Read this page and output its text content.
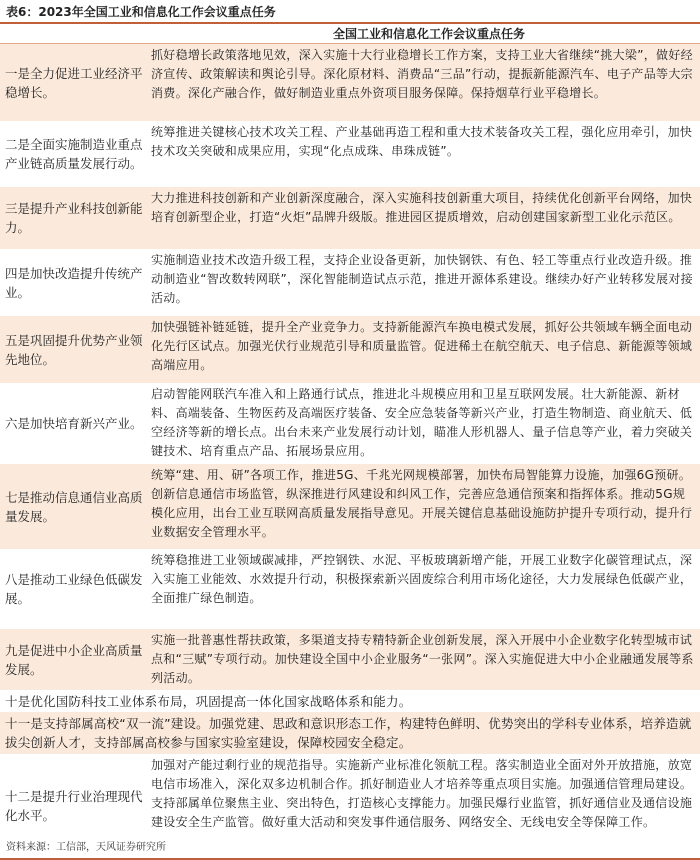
表6：2023年全国工业和信息化工作会议重点任务
全国工业和信息化工作会议重点任务
一是全力促进工业经济平稳增长。
抓好稳增长政策落地见效，深入实施十大行业稳增长工作方案，支持工业大省继续“挑大梁”，做好经济宣传、政策解读和舆论引导。深化原材料、消费品“三品”行动，提振新能源汽车、电子产品等大宗消费。深化产融合作，做好制造业重点外资项目服务保障。保持烟草行业平稳增长。
二是全面实施制造业重点产业链高质量发展行动。
统筹推进关键核心技术攻关工程、产业基础再造工程和重大技术装备攻关工程，强化应用牵引，加快技术攻关突破和成果应用，实现“化点成珠、串珠成链”。
三是提升产业科技创新能力。
大力推进科技创新和产业创新深度融合，深入实施科技创新重大项目，持续优化创新平台网络，加快培育创新型企业，打造“火炬”品牌升级版。推进园区提质增效，启动创建国家新型工业化示范区。
四是加快改造提升传统产业。
实施制造业技术改造升级工程，支持企业设备更新，加快钢铁、有色、轻工等重点行业改造升级。推动制造业“智改数转网联”，深化智能制造试点示范，推进开源体系建设。继续办好产业转移发展对接活动。
五是巩固提升优势产业领先地位。
加快强链补链延链，提升全产业竞争力。支持新能源汽车换电模式发展，抓好公共领域车辆全面电动化先行区试点。加强光伏行业规范引导和质量监管。促进稀土在航空航天、电子信息、新能源等领域高端应用。
六是加快培育新兴产业。
启动智能网联汽车准入和上路通行试点，推进北斗规模应用和卫星互联网发展。壮大新能源、新材料、高端装备、生物医药及高端医疗装备、安全应急装备等新兴产业，打造生物制造、商业航天、低空经济等新的增长点。出台未来产业发展行动计划，瞄准人形机器人、量子信息等产业，着力突破关键技术、培育重点产品、拓展场景应用。
七是推动信息通信业高质量发展。
统筹“建、用、研”各项工作，推进5G、千兆光网规模部署，加快布局智能算力设施，加强6G预研。创新信息通信市场监管，纵深推进行风建设和纠风工作，完善应急通信预案和指挥体系。推动5G规模化应用，出台工业互联网高质量发展指导意见。开展关键信息基础设施防护提升专项行动，提升行业数据安全管理水平。
八是推动工业绿色低碳发展。
统筹稳推进工业领域碳减排，严控钢铁、水泥、平板玻璃新增产能，开展工业数字化碳管理试点，深入实施工业能效、水效提升行动，积极探索新兴固废综合利用市场化途径，大力发展绿色低碳产业，全面推广绿色制造。
九是促进中小企业高质量发展。
实施一批普惠性帮扶政策，多渠道支持专精特新企业创新发展，深入开展中小企业数字化转型城市试点和“三赋”专项行动。加快建设全国中小企业服务“一张网”。深入实施促进大中小企业融通发展等系列活动。
十是优化国防科技工业体系布局，巩固提高一体化国家战略体系和能力。
十一是支持部属高校“双一流”建设。加强党建、思政和意识形态工作，构建特色鲜明、优势突出的学科专业体系，培养造就拔尖创新人才，支持部属高校参与国家实验室建设，保障校园安全稳定。
十二是提升行业治理现代化水平。
加强对产能过剩行业的规范指导。实施新产业标准化领航工程。落实制造业全面对外开放措施，放宽电信市场准入，深化双多边机制合作。抓好制造业人才培养等重点项目实施。加强通信管理局建设。支持部属单位聚焦主业、突出特色，打造核心支撑能力。加强民爆行业监管，抓好通信业及通信设施建设安全生产监管。做好重大活动和突发事件通信服务、网络安全、无线电安全等保障工作。
资料来源：工信部，天风证券研究所
